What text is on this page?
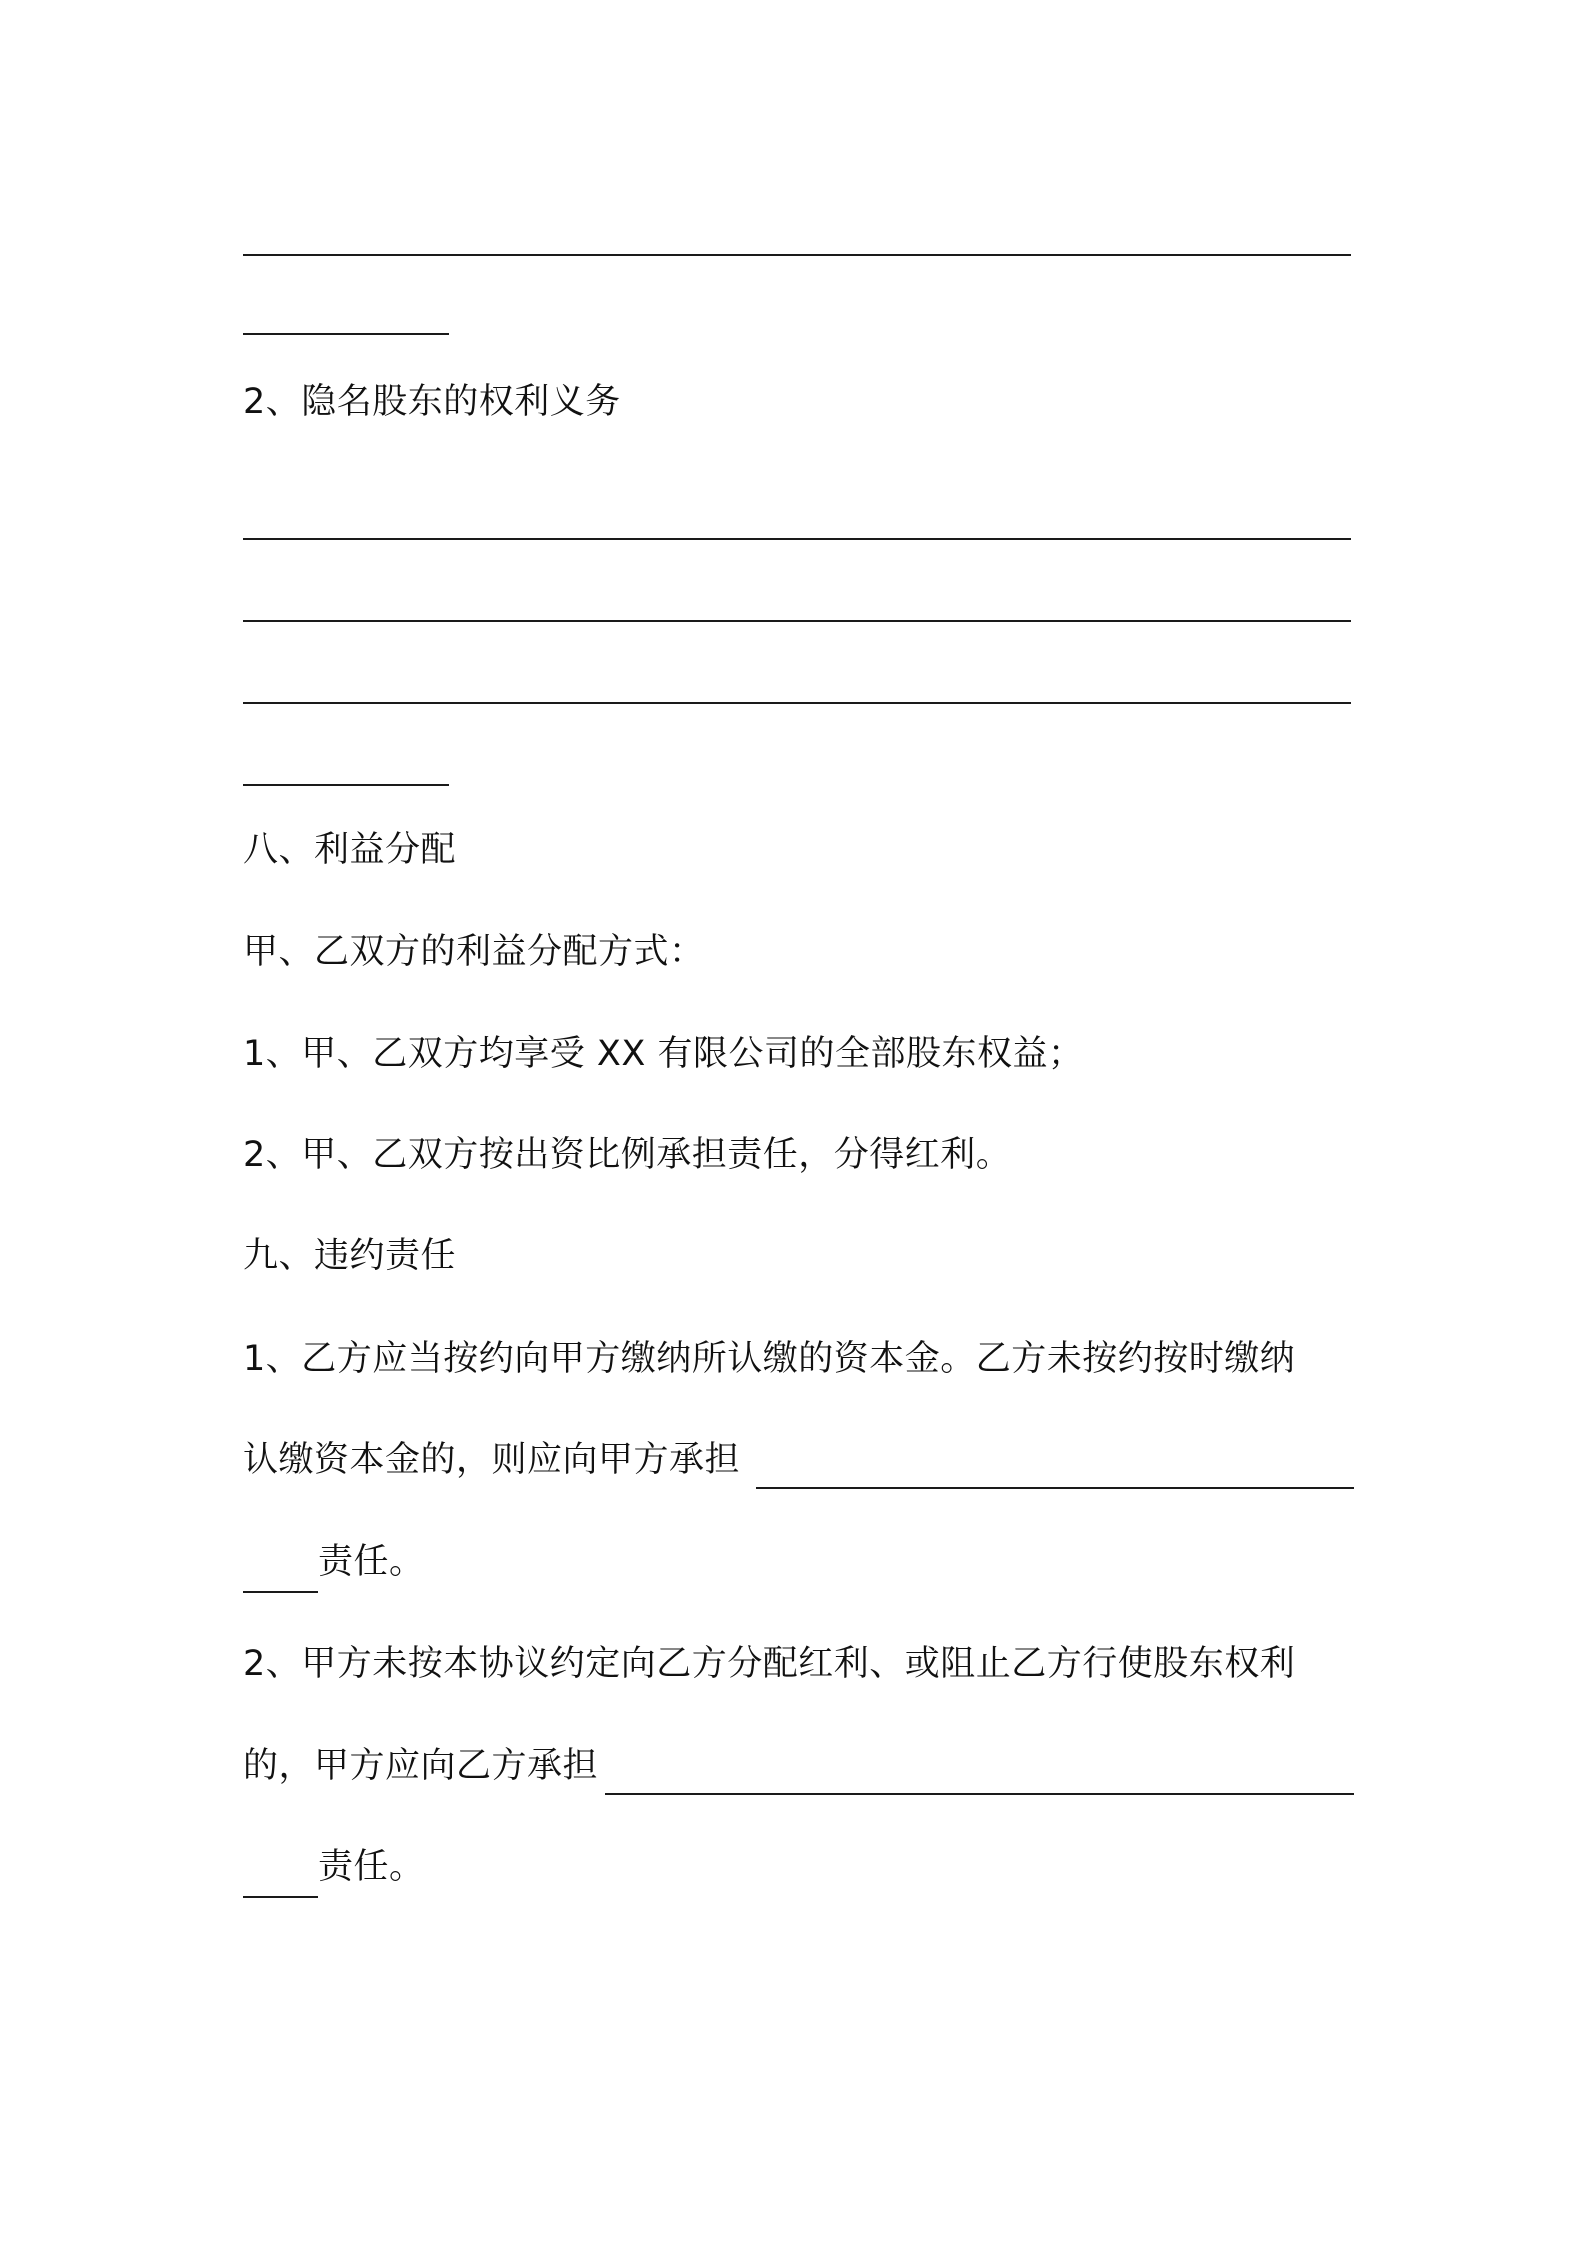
2、隐名股东的权利义务
八、利益分配
甲、乙双方的利益分配方式：
1、甲、乙双方均享受 XX 有限公司的全部股东权益；
2、甲、乙双方按出资比例承担责任，分得红利。
九、违约责任
1、乙方应当按约向甲方缴纳所认缴的资本金。乙方未按约按时缴纳
认缴资本金的，则应向甲方承担
责任。
2、甲方未按本协议约定向乙方分配红利、或阻止乙方行使股东权利
的，甲方应向乙方承担
责任。
